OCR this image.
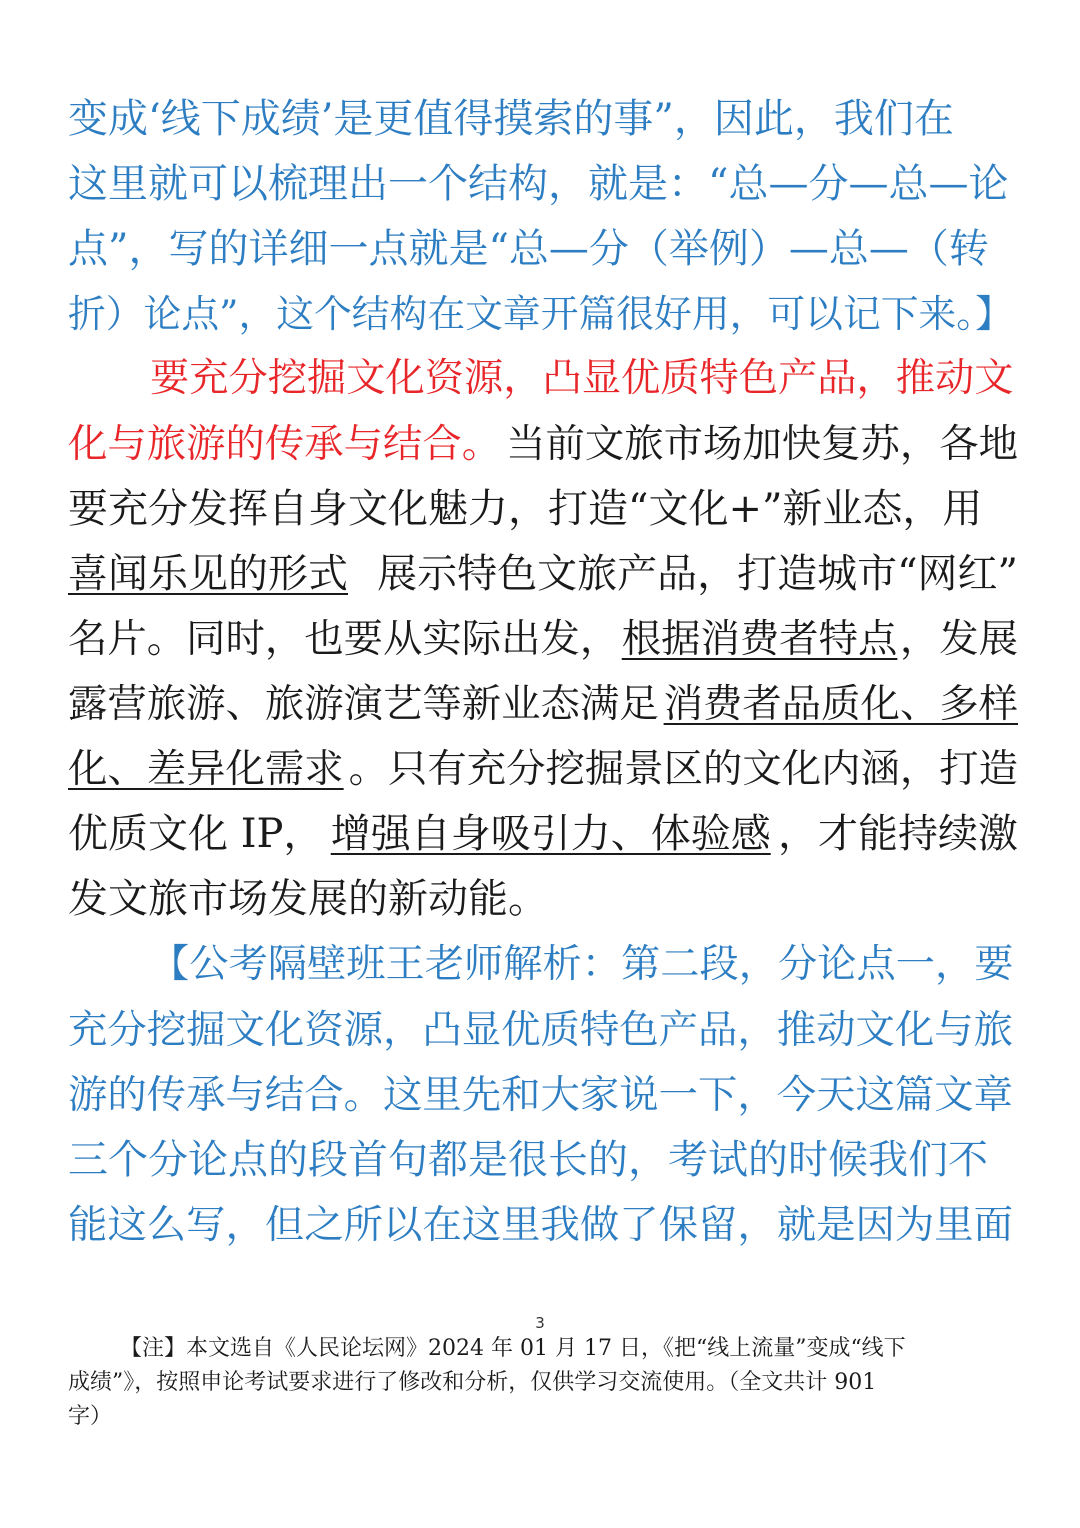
变成‘线下成绩’是更值得摸索的事”，因此，我们在
这里就可以梳理出一个结构，就是：“总—分—总—论
点”，写的详细一点就是“总—分（举例）—总—（转
折）论点”，这个结构在文章开篇很好用，可以记下来。】
要充分挖掘文化资源，凸显优质特色产品，推动文
化与旅游的传承与结合。 当前文旅市场加快复苏，各地
要充分发挥自身文化魅力，打造“文化+”新业态，用
喜闻乐见的形式 展示特色文旅产品，打造城市“网红”
名片。同时，也要从实际出发， 根据消费者特点 ，发展
露营旅游、旅游演艺等新业态满足 消费者品质化、多样
化、差异化需求 。只有充分挖掘景区的文化内涵，打造
优质文化 IP， 增强自身吸引力、体验感 ，才能持续激
发文旅市场发展的新动能。
【公考隔壁班王老师解析：第二段，分论点一，要
充分挖掘文化资源，凸显优质特色产品，推动文化与旅
游的传承与结合。这里先和大家说一下，今天这篇文章
三个分论点的段首句都是很长的，考试的时候我们不
能这么写，但之所以在这里我做了保留，就是因为里面
3
【注】本文选自《人民论坛网》2024 年 01 月 17 日，《把“线上流量”变成“线下
成绩”》，按照申论考试要求进行了修改和分析，仅供学习交流使用。（全文共计 901
字）
